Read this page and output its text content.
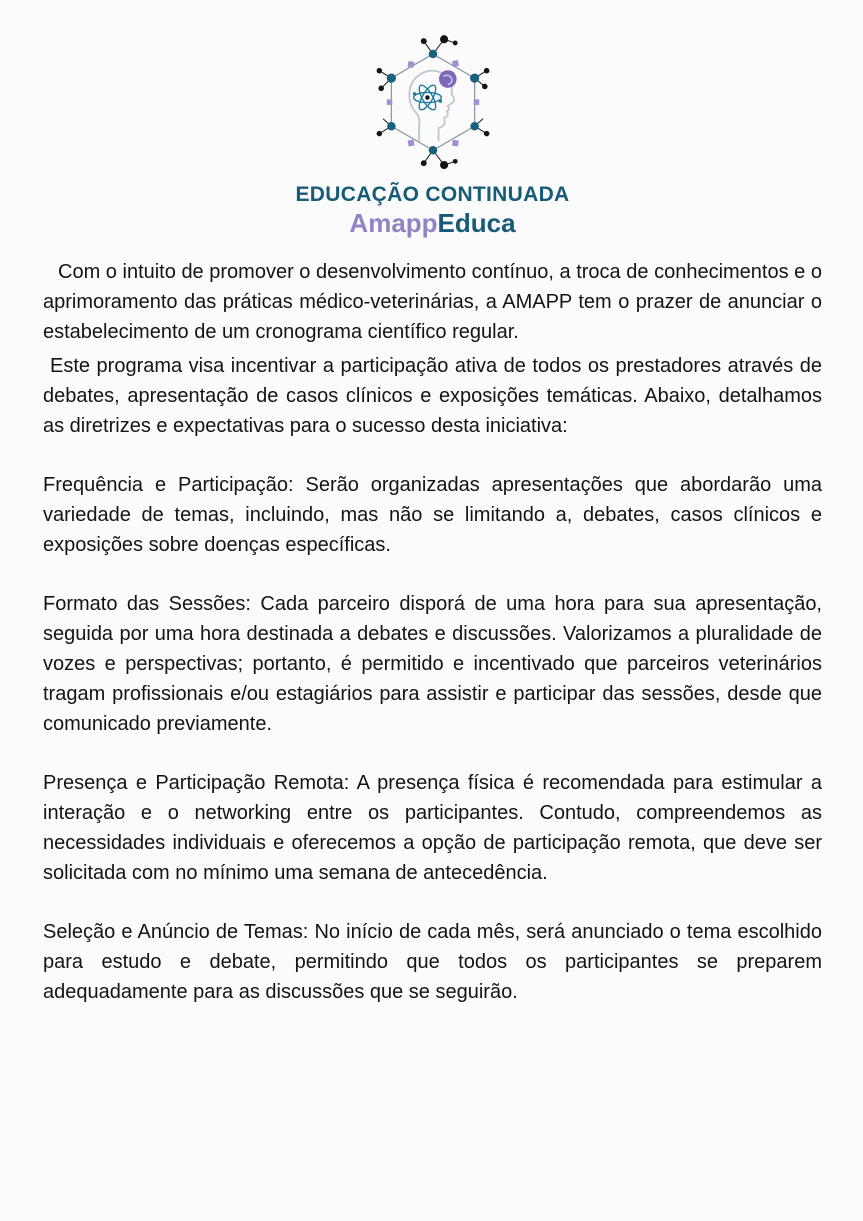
EDUCAÇÃO CONTINUADA
AmappEduca

Com o intuito de promover o desenvolvimento contínuo, a troca de conhecimentos e o aprimoramento das práticas médico-veterinárias, a AMAPP tem o prazer de anunciar o estabelecimento de um cronograma científico regular.

Este programa visa incentivar a participação ativa de todos os prestadores através de debates, apresentação de casos clínicos e exposições temáticas. Abaixo, detalhamos as diretrizes e expectativas para o sucesso desta iniciativa:

Frequência e Participação: Serão organizadas apresentações que abordarão uma variedade de temas, incluindo, mas não se limitando a, debates, casos clínicos e exposições sobre doenças específicas.

Formato das Sessões: Cada parceiro disporá de uma hora para sua apresentação, seguida por uma hora destinada a debates e discussões. Valorizamos a pluralidade de vozes e perspectivas; portanto, é permitido e incentivado que parceiros veterinários tragam profissionais e/ou estagiários para assistir e participar das sessões, desde que comunicado previamente.

Presença e Participação Remota: A presença física é recomendada para estimular a interação e o networking entre os participantes. Contudo, compreendemos as necessidades individuais e oferecemos a opção de participação remota, que deve ser solicitada com no mínimo uma semana de antecedência.

Seleção e Anúncio de Temas: No início de cada mês, será anunciado o tema escolhido para estudo e debate, permitindo que todos os participantes se preparem adequadamente para as discussões que se seguirão.
